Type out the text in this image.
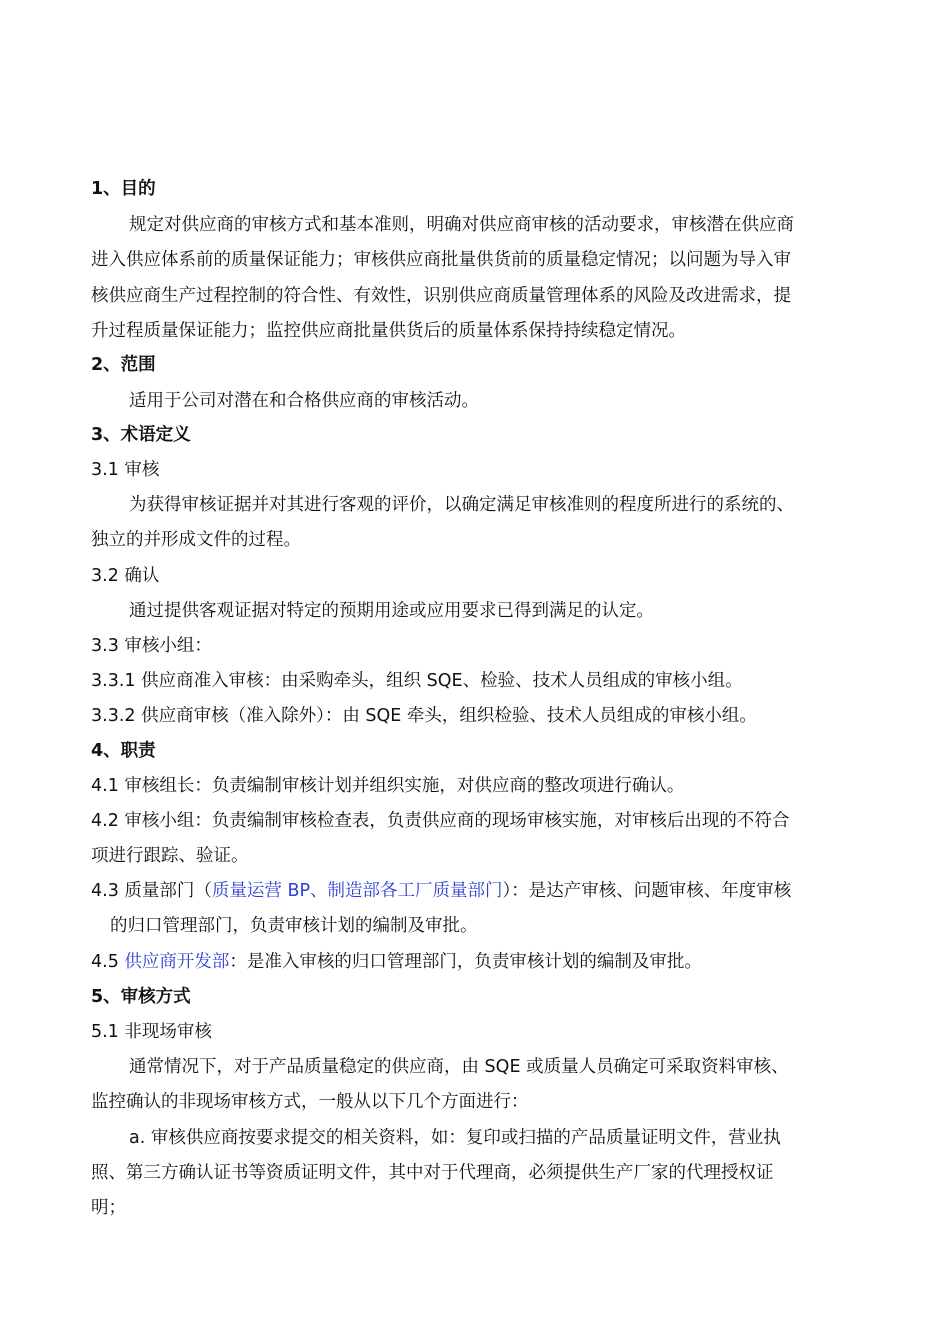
1、目的
规定对供应商的审核方式和基本准则，明确对供应商审核的活动要求，审核潜在供应商
进入供应体系前的质量保证能力；审核供应商批量供货前的质量稳定情况；以问题为导入审
核供应商生产过程控制的符合性、有效性，识别供应商质量管理体系的风险及改进需求，提
升过程质量保证能力；监控供应商批量供货后的质量体系保持持续稳定情况。
2、范围
适用于公司对潜在和合格供应商的审核活动。
3、术语定义
3.1 审核
为获得审核证据并对其进行客观的评价，以确定满足审核准则的程度所进行的系统的、
独立的并形成文件的过程。
3.2 确认
通过提供客观证据对特定的预期用途或应用要求已得到满足的认定。
3.3 审核小组：
3.3.1 供应商准入审核：由采购牵头，组织 SQE、检验、技术人员组成的审核小组。
3.3.2 供应商审核（准入除外）：由 SQE 牵头，组织检验、技术人员组成的审核小组。
4、职责
4.1 审核组长：负责编制审核计划并组织实施，对供应商的整改项进行确认。
4.2 审核小组：负责编制审核检查表，负责供应商的现场审核实施，对审核后出现的不符合
项进行跟踪、验证。
4.3 质量部门（质量运营 BP、制造部各工厂质量部门）：是达产审核、问题审核、年度审核
的归口管理部门，负责审核计划的编制及审批。
4.5 供应商开发部：是准入审核的归口管理部门，负责审核计划的编制及审批。
5、审核方式
5.1 非现场审核
通常情况下，对于产品质量稳定的供应商，由 SQE 或质量人员确定可采取资料审核、
监控确认的非现场审核方式，一般从以下几个方面进行：
a. 审核供应商按要求提交的相关资料，如：复印或扫描的产品质量证明文件，营业执
照、第三方确认证书等资质证明文件，其中对于代理商，必须提供生产厂家的代理授权证
明；
